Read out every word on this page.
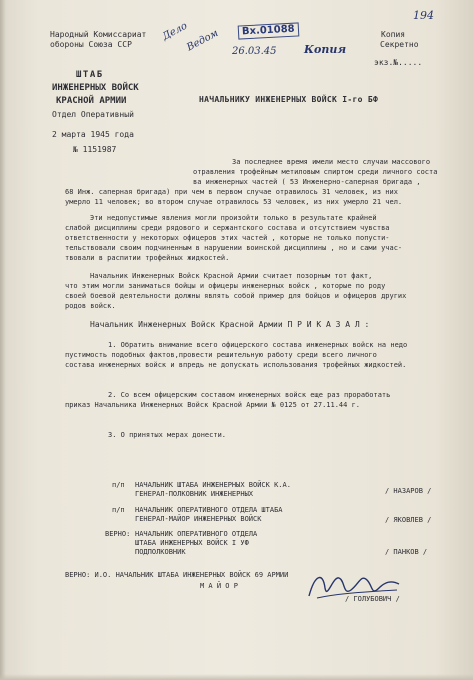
Народный Комиссариат
обороны Союза ССР
Дело
Ведом	Вх.01088
26.03.45 Копия
194
Копия
Секретно
экз.№.....
ШТАБ
ИНЖЕНЕРНЫХ ВОЙСК
КРАСНОЙ АРМИИ
Отдел Оперативный
2 марта 1945 года
№ 1151987
НАЧАЛЬНИКУ ИНЖЕНЕРНЫХ ВОЙСК I-го БФ
За последнее время имели место случаи массового
отравления трофейным метиловым спиртом среди личного соста
ва инженерных частей ( 53 Инженерно-саперная бригада ,
68 Инж. саперная бригада) при чем в первом случае отравилось 31 человек, из них
умерло 11 человек; во втором случае отравилось 53 человек, из них умерло 21 чел.
Эти недопустимые явления могли произойти только в результате крайней
слабой дисциплины среди рядового и сержантского состава и отсутствием чувства
ответственности у некоторых офицеров этих частей , которые не только попусти-
тельствовали своим подчиненным в нарушении воинской дисциплины , но и сами учас-
твовали в распитии трофейных жидкостей.
Начальник Инженерных Войск Красной Армии считает позорным тот факт,
что этим могли заниматься бойцы и офицеры инженерных войск , которые по роду
своей боевой деятельности должны являть собой пример для бойцов и офицеров других
родов войск.
Начальник Инженерных Войск Красной Армии П Р И К А З А Л :
1. Обратить внимание всего офицерского состава инженерных войск на недо
пустимость подобных фактов,провести решительную работу среди всего личного
состава инженерных войск и впредь не допускать использования трофейных жидкостей.
2. Со всем офицерским составом инженерных войск еще раз проработать
приказ Начальника Инженерных Войск Красной Армии № 0125 от 27.11.44 г.
3. О принятых мерах донести.
п/п НАЧАЛЬНИК ШТАБА ИНЖЕНЕРНЫХ ВОЙСК К.А.
ГЕНЕРАЛ-ПОЛКОВНИК ИНЖЕНЕРНЫХ	/ НАЗАРОВ /
п/п НАЧАЛЬНИК ОПЕРАТИВНОГО ОТДЕЛА ШТАБА
ГЕНЕРАЛ-МАЙОР ИНЖЕНЕРНЫХ ВОЙСК	/ ЯКОВЛЕВ /
ВЕРНО: НАЧАЛЬНИК ОПЕРАТИВНОГО ОТДЕЛА
ШТАБА ИНЖЕНЕРНЫХ ВОЙСК I УФ
ПОДПОЛКОВНИК	/ ПАНКОВ /
ВЕРНО: И.О. НАЧАЛЬНИК ШТАБА ИНЖЕНЕРНЫХ ВОЙСК 69 АРМИИ
М А Й О Р
/ ГОЛУБОВИЧ /
